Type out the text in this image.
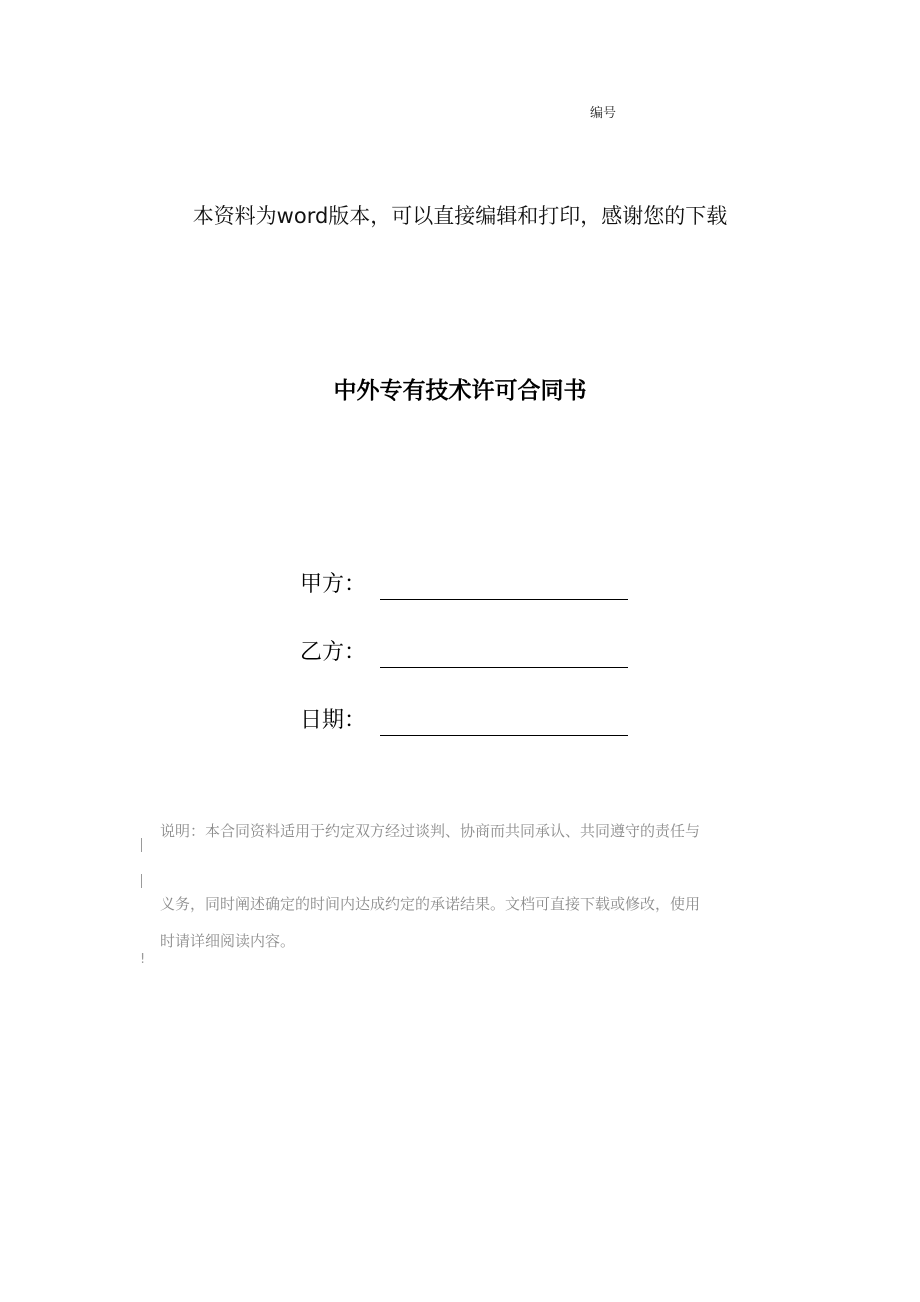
编号
本资料为word版本，可以直接编辑和打印，感谢您的下载
中外专有技术许可合同书
甲方：
乙方：
日期：
说明：本合同资料适用于约定双方经过谈判、协商而共同承认、共同遵守的责任与
义务，同时阐述确定的时间内达成约定的承诺结果。文档可直接下载或修改，使用
时请详细阅读内容。
!
